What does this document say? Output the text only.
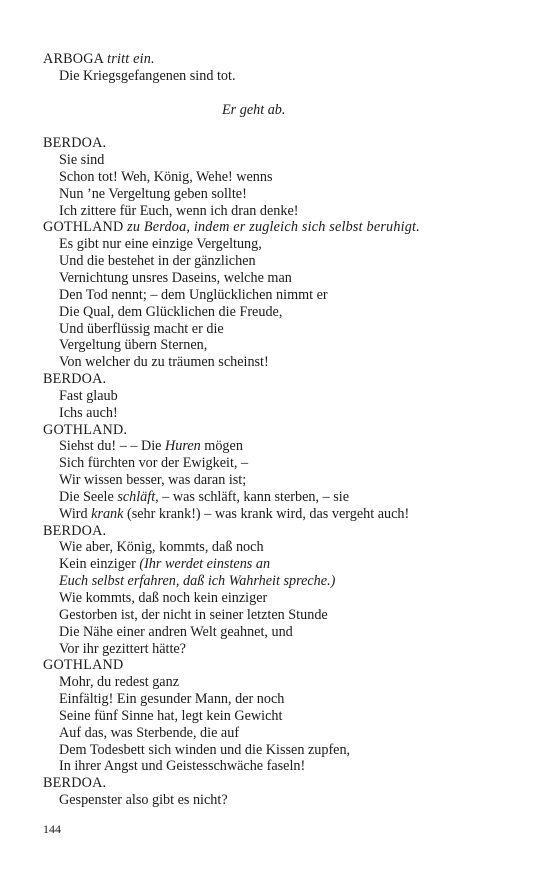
ARBOGA tritt ein.
Die Kriegsgefangenen sind tot.
Er geht ab.
BERDOA.
Sie sind
Schon tot! Weh, König, Wehe! wenns
Nun ’ne Vergeltung geben sollte!
Ich zittere für Euch, wenn ich dran denke!
GOTHLAND zu Berdoa, indem er zugleich sich selbst beruhigt.
Es gibt nur eine einzige Vergeltung,
Und die bestehet in der gänzlichen
Vernichtung unsres Daseins, welche man
Den Tod nennt; – dem Unglücklichen nimmt er
Die Qual, dem Glücklichen die Freude,
Und überflüssig macht er die
Vergeltung übern Sternen,
Von welcher du zu träumen scheinst!
BERDOA.
Fast glaub
Ichs auch!
GOTHLAND.
Siehst du! – – Die Huren mögen
Sich fürchten vor der Ewigkeit, –
Wir wissen besser, was daran ist;
Die Seele schläft, – was schläft, kann sterben, – sie
Wird krank (sehr krank!) – was krank wird, das vergeht auch!
BERDOA.
Wie aber, König, kommts, daß noch
Kein einziger (Ihr werdet einstens an
Euch selbst erfahren, daß ich Wahrheit spreche.)
Wie kommts, daß noch kein einziger
Gestorben ist, der nicht in seiner letzten Stunde
Die Nähe einer andren Welt geahnet, und
Vor ihr gezittert hätte?
GOTHLAND
Mohr, du redest ganz
Einfältig! Ein gesunder Mann, der noch
Seine fünf Sinne hat, legt kein Gewicht
Auf das, was Sterbende, die auf
Dem Todesbett sich winden und die Kissen zupfen,
In ihrer Angst und Geistesschwäche faseln!
BERDOA.
Gespenster also gibt es nicht?
144
